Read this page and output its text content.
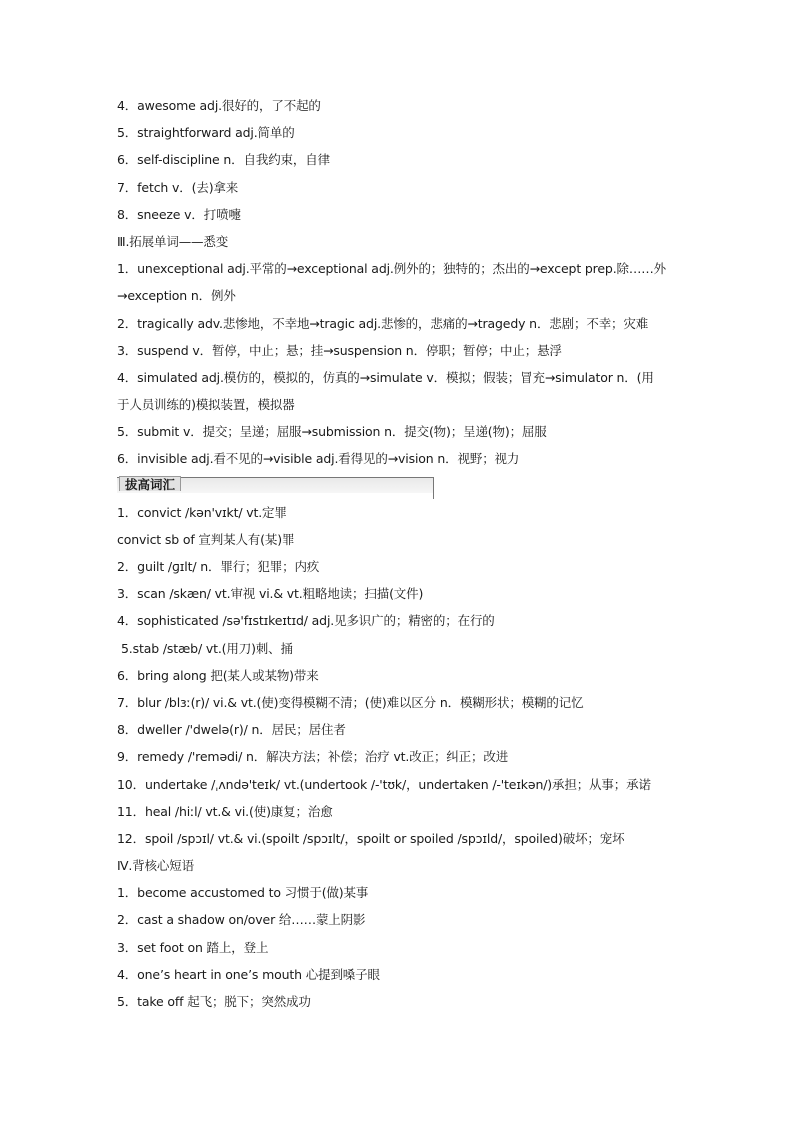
4．awesome adj.很好的，了不起的
5．straightforward adj.简单的
6．self-discipline n．自我约束，自律
7．fetch v．(去)拿来
8．sneeze v．打喷嚏
Ⅲ.拓展单词——悉变
1．unexceptional adj.平常的→exceptional adj.例外的；独特的；杰出的→except prep.除……外
→exception n．例外
2．tragically adv.悲惨地，不幸地→tragic adj.悲惨的，悲痛的→tragedy n．悲剧；不幸；灾难
3．suspend v．暂停，中止；悬；挂→suspension n．停职；暂停；中止；悬浮
4．simulated adj.模仿的，模拟的，仿真的→simulate v．模拟；假装；冒充→simulator n．(用
于人员训练的)模拟装置，模拟器
5．submit v．提交；呈递；屈服→submission n．提交(物)；呈递(物)；屈服
6．invisible adj.看不见的→visible adj.看得见的→vision n．视野；视力
拔高词汇
1．convict /kən'vɪkt/ vt.定罪
convict sb of 宣判某人有(某)罪
2．guilt /ɡɪlt/ n．罪行；犯罪；内疚
3．scan /skæn/ vt.审视 vi.& vt.粗略地读；扫描(文件)
4．sophisticated /sə'fɪstɪkeɪtɪd/ adj.见多识广的；精密的；在行的
5.stab /stæb/ vt.(用刀)刺、捅
6．bring along 把(某人或某物)带来
7．blur /blɜː(r)/ vi.& vt.(使)变得模糊不清；(使)难以区分 n．模糊形状；模糊的记忆
8．dweller /'dwelə(r)/ n．居民；居住者
9．remedy /'remədi/ n．解决方法；补偿；治疗 vt.改正；纠正；改进
10．undertake /ˌʌndə'teɪk/ vt.(undertook /-'tʊk/，undertaken /-'teɪkən/)承担；从事；承诺
11．heal /hiːl/ vt.& vi.(使)康复；治愈
12．spoil /spɔɪl/ vt.& vi.(spoilt /spɔɪlt/，spoilt or spoiled /spɔɪld/，spoiled)破坏；宠坏
Ⅳ.背核心短语
1．become accustomed to 习惯于(做)某事
2．cast a shadow on/over 给……蒙上阴影
3．set foot on 踏上，登上
4．one’s heart in one’s mouth 心提到嗓子眼
5．take off 起飞；脱下；突然成功
